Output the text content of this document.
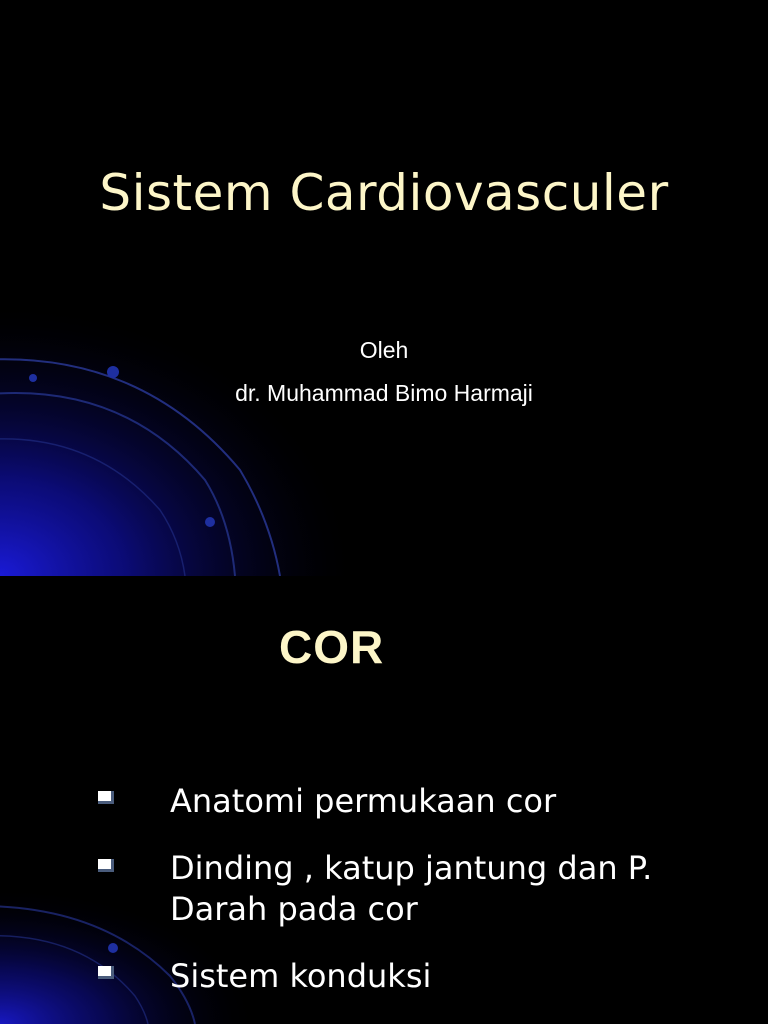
Sistem Cardiovasculer
Oleh
dr. Muhammad Bimo Harmaji
COR
Anatomi permukaan cor
Dinding , katup jantung dan P. Darah pada cor
Sistem konduksi
